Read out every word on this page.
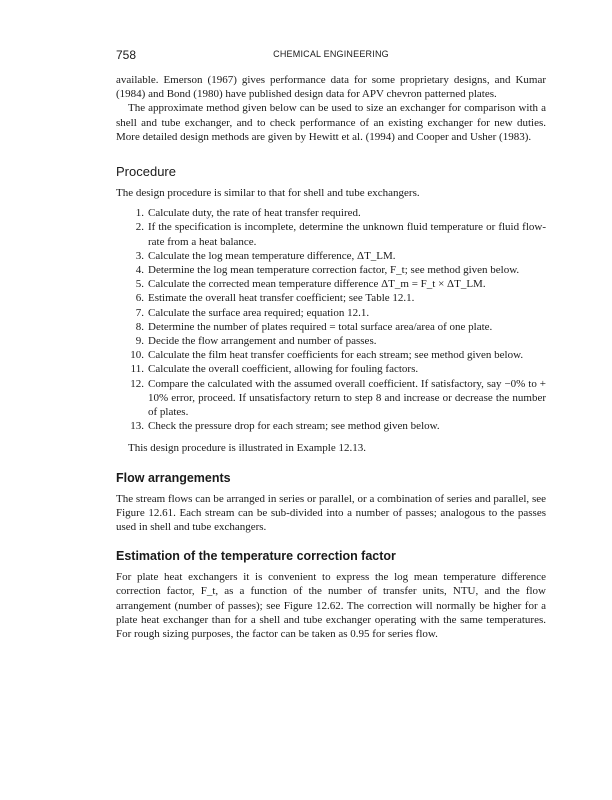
758	CHEMICAL ENGINEERING

available. Emerson (1967) gives performance data for some proprietary designs, and Kumar (1984) and Bond (1980) have published design data for APV chevron patterned plates.

The approximate method given below can be used to size an exchanger for comparison with a shell and tube exchanger, and to check performance of an existing exchanger for new duties. More detailed design methods are given by Hewitt et al. (1994) and Cooper and Usher (1983).

Procedure

The design procedure is similar to that for shell and tube exchangers.

1. Calculate duty, the rate of heat transfer required.
2. If the specification is incomplete, determine the unknown fluid temperature or fluid flow-rate from a heat balance.
3. Calculate the log mean temperature difference, ΔT_LM.
4. Determine the log mean temperature correction factor, F_t; see method given below.
5. Calculate the corrected mean temperature difference ΔT_m = F_t × ΔT_LM.
6. Estimate the overall heat transfer coefficient; see Table 12.1.
7. Calculate the surface area required; equation 12.1.
8. Determine the number of plates required = total surface area/area of one plate.
9. Decide the flow arrangement and number of passes.
10. Calculate the film heat transfer coefficients for each stream; see method given below.
11. Calculate the overall coefficient, allowing for fouling factors.
12. Compare the calculated with the assumed overall coefficient. If satisfactory, say −0% to + 10% error, proceed. If unsatisfactory return to step 8 and increase or decrease the number of plates.
13. Check the pressure drop for each stream; see method given below.

This design procedure is illustrated in Example 12.13.

Flow arrangements

The stream flows can be arranged in series or parallel, or a combination of series and parallel, see Figure 12.61. Each stream can be sub-divided into a number of passes; analogous to the passes used in shell and tube exchangers.

Estimation of the temperature correction factor

For plate heat exchangers it is convenient to express the log mean temperature difference correction factor, F_t, as a function of the number of transfer units, NTU, and the flow arrangement (number of passes); see Figure 12.62. The correction will normally be higher for a plate heat exchanger than for a shell and tube exchanger operating with the same temperatures. For rough sizing purposes, the factor can be taken as 0.95 for series flow.
